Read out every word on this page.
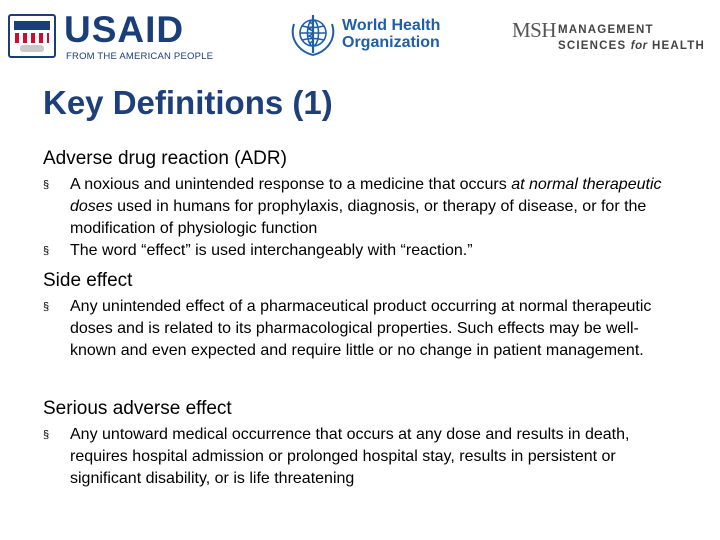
USAID
FROM THE AMERICAN PEOPLE
World Health
Organization
MSH MANAGEMENT
SCIENCES for HEALTH
Key Definitions (1)
Adverse drug reaction (ADR)
§ A noxious and unintended response to a medicine that occurs at normal therapeutic doses used in humans for prophylaxis, diagnosis, or therapy of disease, or for the modification of physiologic function
§ The word “effect” is used interchangeably with “reaction.”
Side effect
§ Any unintended effect of a pharmaceutical product occurring at normal therapeutic doses and is related to its pharmacological properties. Such effects may be well-known and even expected and require little or no change in patient management.
Serious adverse effect
§ Any untoward medical occurrence that occurs at any dose and results in death, requires hospital admission or prolonged hospital stay, results in persistent or significant disability, or is life threatening
